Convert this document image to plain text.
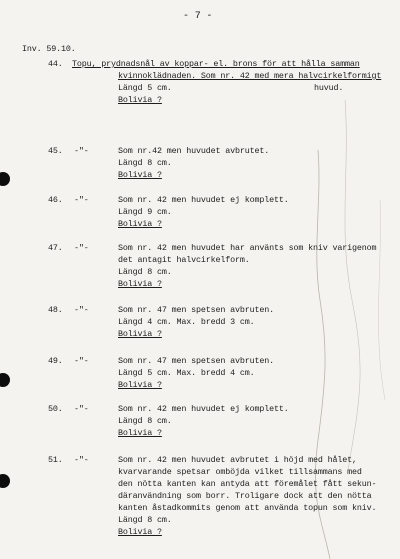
- 7 -
Inv. 59.10.
44. Topu, prydnadsnål av koppar- el. brons för att hålla samman
kvinnoklädnaden. Som nr. 42 med mera halvcirkelformigt
Längd 5 cm.	huvud.
Bolivia ?
45. -"-	Som nr.42 men huvudet avbrutet.
Längd 8 cm.
Bolivia ?
46. -"-	Som nr. 42 men huvudet ej komplett.
Längd 9 cm.
Bolivia ?
47. -"-	Som nr. 42 men huvudet har använts som kniv varigenom
det antagit halvcirkelform.
Längd 8 cm.
Bolivia ?
48. -"-	Som nr. 47 men spetsen avbruten.
Längd 4 cm. Max. bredd 3 cm.
Bolivia ?
49. -"-	Som nr. 47 men spetsen avbruten.
Längd 5 cm. Max. bredd 4 cm.
Bolivia ?
50. -"-	Som nr. 42 men huvudet ej komplett.
Längd 8 cm.
Bolivia ?
51. -"-	Som nr. 42 men huvudet avbrutet i höjd med hålet,
kvarvarande spetsar omböjda vilket tillsammans med
den nötta kanten kan antyda att föremålet fått sekun-
däranvändning som borr. Troligare dock att den nötta
kanten åstadkommits genom att använda topun som kniv.
Längd 8 cm.
Bolivia ?
